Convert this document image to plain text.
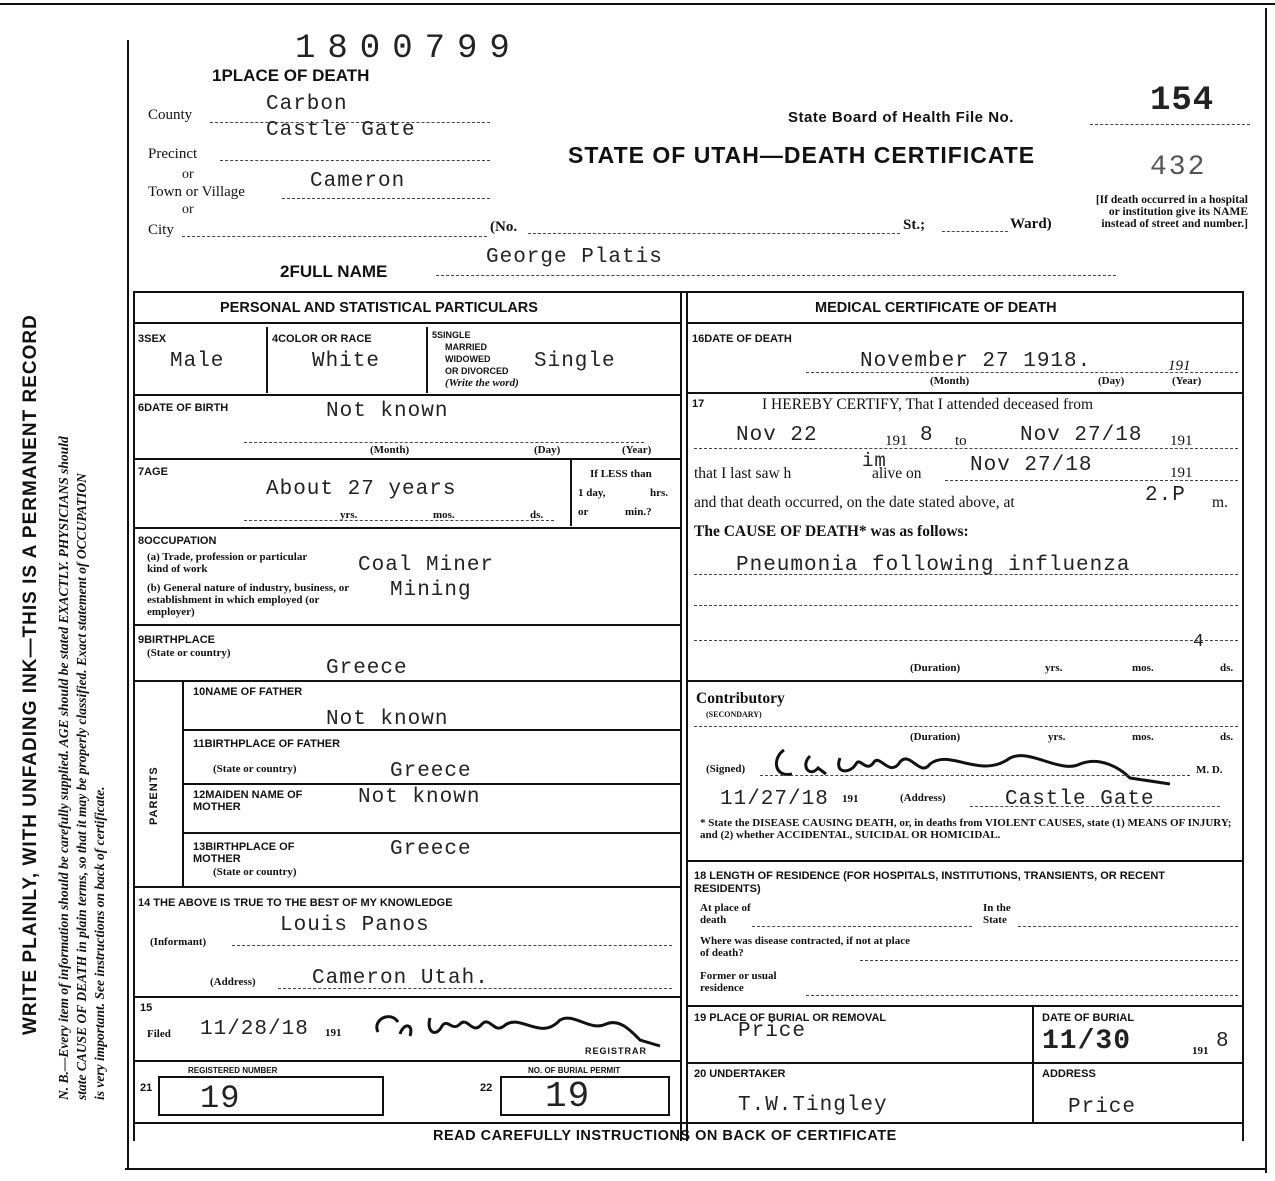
WRITE PLAINLY, WITH UNFADING INK—THIS IS A PERMANENT RECORD N. B.—Every item of information should be carefully supplied. AGE should be stated EXACTLY. PHYSICIANS should state CAUSE OF DEATH in plain terms, so that it may be properly classified. Exact statement of OCCUPATION is very important. See instructions on back of certificate.
1800799
1PLACE OF DEATH
County	Carbon
Castle Gate
Precinct
or
Town or Village	Cameron
or
City	(No.	St.;	Ward)
State Board of Health File No.	154
432
STATE OF UTAH—DEATH CERTIFICATE
[If death occurred in a hospital or institution give its NAME instead of street and number.]
2FULL NAME
George Platis
PERSONAL AND STATISTICAL PARTICULARS	MEDICAL CERTIFICATE OF DEATH
3SEX
Male
4COLOR OR RACE
White
5SINGLE
MARRIED
WIDOWED
OR DIVORCED
(Write the word)
Single
6DATE OF BIRTH	Not known
(Month)	(Day)	(Year)
7AGE
About 27 years
yrs.	mos.	ds.
If LESS than
1 day,	hrs.
or	min.?
8OCCUPATION
(a) Trade, profession or particular kind of work	Coal Miner
(b) General nature of industry, business, or establishment in which employed (or employer)
Mining
9BIRTHPLACE
(State or country)
Greece
PARENTS
10NAME OF FATHER
Not known
11BIRTHPLACE OF FATHER
(State or country)	Greece
12MAIDEN NAME OF MOTHER	Not known
13BIRTHPLACE OF MOTHER
(State or country)
Greece
14 THE ABOVE IS TRUE TO THE BEST OF MY KNOWLEDGE
Louis Panos
(Informant)
(Address)	Cameron Utah.
15
Filed 11/28/18 191
REGISTRAR
REGISTERED NUMBER
21 19
NO. OF BURIAL PERMIT
22 19
16DATE OF DEATH
November 27 1918.	191
(Month)	(Day)	(Year)
17	I HEREBY CERTIFY, That I attended deceased from
Nov 22	191 8 to	Nov 27/18 191
that I last saw h
im
alive on Nov 27/18	191
and that death occurred, on the date stated above, at	2.P m.
The CAUSE OF DEATH* was as follows:
Pneumonia following influenza
4
(Duration)	yrs.	mos.	ds.
Contributory
(SECONDARY)
(Duration)	yrs.	mos.	ds.
(Signed)	M. D.
11/27/18 191	(Address)	Castle Gate
* State the DISEASE CAUSING DEATH, or, in deaths from VIOLENT CAUSES, state (1) MEANS OF INJURY; and (2) whether ACCIDENTAL, SUICIDAL OR HOMICIDAL.
18 LENGTH OF RESIDENCE (FOR HOSPITALS, INSTITUTIONS, TRANSIENTS, OR RECENT RESIDENTS)
At place of death
In the State
Where was disease contracted, if not at place of death?
Former or usual residence
19 PLACE OF BURIAL OR REMOVAL
Price
DATE OF BURIAL
11/30	191 8
20 UNDERTAKER
T.W.Tingley
ADDRESS
Price
READ CAREFULLY INSTRUCTIONS ON BACK OF CERTIFICATE
